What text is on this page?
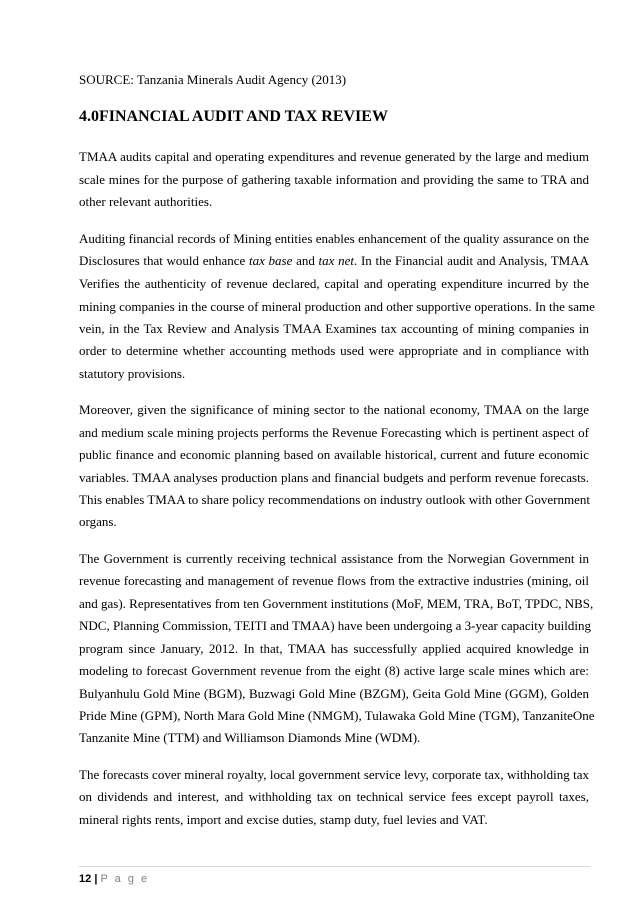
SOURCE: Tanzania Minerals Audit Agency (2013)
4.0FINANCIAL AUDIT AND TAX REVIEW
TMAA audits capital and operating expenditures and revenue generated by the large and medium
scale mines for the purpose of gathering taxable information and providing the same to TRA and
other relevant authorities.
Auditing financial records of Mining entities enables enhancement of the quality assurance on the
Disclosures that would enhance tax base and tax net. In the Financial audit and Analysis, TMAA
Verifies the authenticity of revenue declared, capital and operating expenditure incurred by the
mining companies in the course of mineral production and other supportive operations. In the same
vein, in the Tax Review and Analysis TMAA Examines tax accounting of mining companies in
order to determine whether accounting methods used were appropriate and in compliance with
statutory provisions.
Moreover, given the significance of mining sector to the national economy, TMAA on the large
and medium scale mining projects performs the Revenue Forecasting which is pertinent aspect of
public finance and economic planning based on available historical, current and future economic
variables. TMAA analyses production plans and financial budgets and perform revenue forecasts.
This enables TMAA to share policy recommendations on industry outlook with other Government
organs.
The Government is currently receiving technical assistance from the Norwegian Government in
revenue forecasting and management of revenue flows from the extractive industries (mining, oil
and gas). Representatives from ten Government institutions (MoF, MEM, TRA, BoT, TPDC, NBS,
NDC, Planning Commission, TEITI and TMAA) have been undergoing a 3-year capacity building
program since January, 2012. In that, TMAA has successfully applied acquired knowledge in
modeling to forecast Government revenue from the eight (8) active large scale mines which are:
Bulyanhulu Gold Mine (BGM), Buzwagi Gold Mine (BZGM), Geita Gold Mine (GGM), Golden
Pride Mine (GPM), North Mara Gold Mine (NMGM), Tulawaka Gold Mine (TGM), TanzaniteOne
Tanzanite Mine (TTM) and Williamson Diamonds Mine (WDM).
The forecasts cover mineral royalty, local government service levy, corporate tax, withholding tax
on dividends and interest, and withholding tax on technical service fees except payroll taxes,
mineral rights rents, import and excise duties, stamp duty, fuel levies and VAT.
12 | P a g e
